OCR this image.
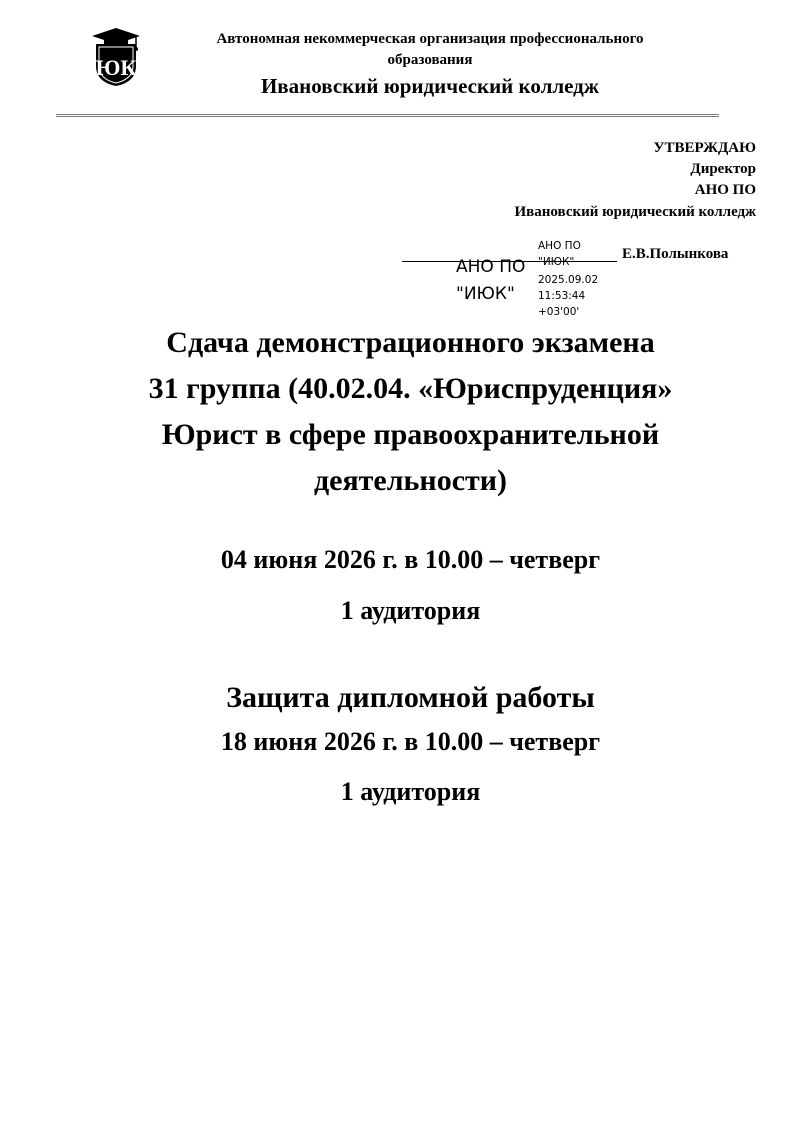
ЮК
Автономная некоммерческая организация профессионального
образования
Ивановский юридический колледж
УТВЕРЖДАЮ
Директор
АНО ПО
Ивановский юридический колледж
Е.В.Полынкова
АНО ПО
"ИЮК"
АНО ПО
"ИЮК"
2025.09.02
11:53:44
+03'00'
Сдача демонстрационного экзамена
31 группа (40.02.04. «Юриспруденция»
Юрист в сфере правоохранительной
деятельности)
04 июня 2026 г. в 10.00 – четверг
1 аудитория
Защита дипломной работы
18 июня 2026 г. в 10.00 – четверг
1 аудитория
